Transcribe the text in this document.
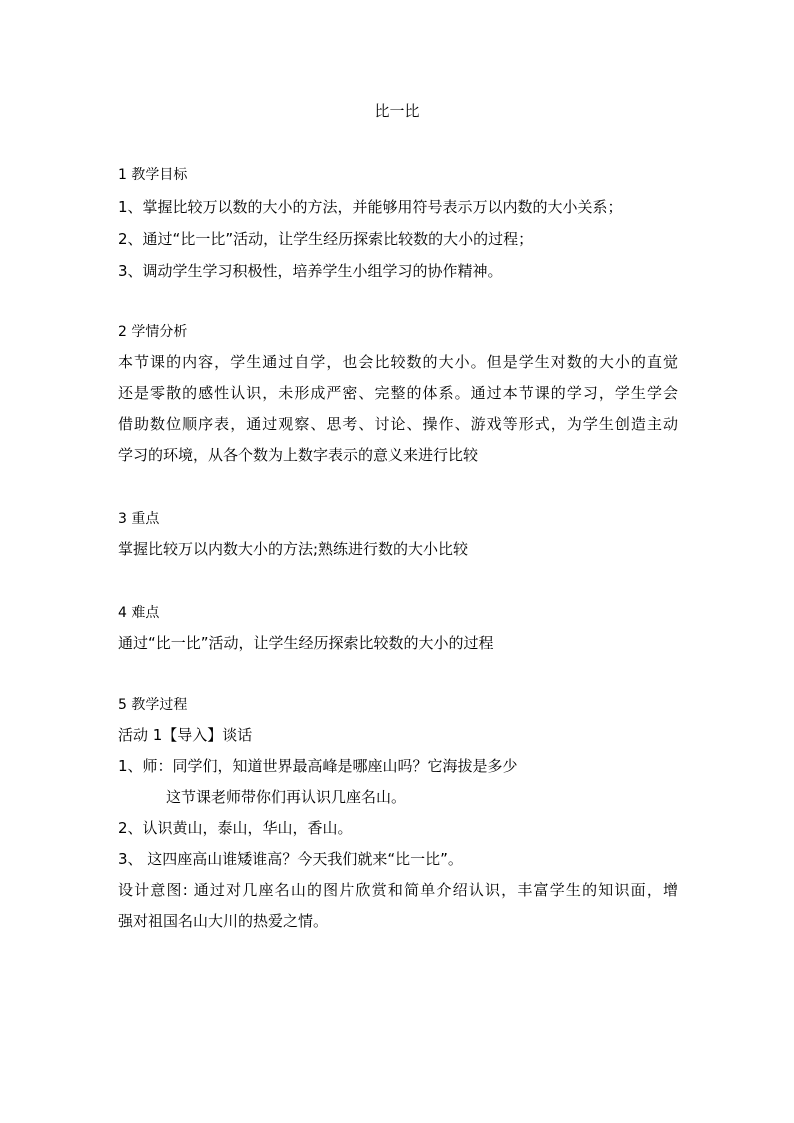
比一比
1 教学目标
1、掌握比较万以数的大小的方法，并能够用符号表示万以内数的大小关系；
2、通过“比一比”活动，让学生经历探索比较数的大小的过程；
3、调动学生学习积极性，培养学生小组学习的协作精神。
2 学情分析
本节课的内容，学生通过自学，也会比较数的大小。但是学生对数的大小的直觉
还是零散的感性认识，未形成严密、完整的体系。通过本节课的学习，学生学会
借助数位顺序表，通过观察、思考、讨论、操作、游戏等形式，为学生创造主动
学习的环境，从各个数为上数字表示的意义来进行比较
3 重点
掌握比较万以内数大小的方法;熟练进行数的大小比较
4 难点
通过“比一比”活动，让学生经历探索比较数的大小的过程
5 教学过程
活动 1【导入】谈话
1、师：同学们，知道世界最高峰是哪座山吗？它海拔是多少
这节课老师带你们再认识几座名山。
2、认识黄山，泰山，华山，香山。
3、 这四座高山谁矮谁高？今天我们就来“比一比”。
设计意图: 通过对几座名山的图片欣赏和简单介绍认识，丰富学生的知识面，增
强对祖国名山大川的热爱之情。
